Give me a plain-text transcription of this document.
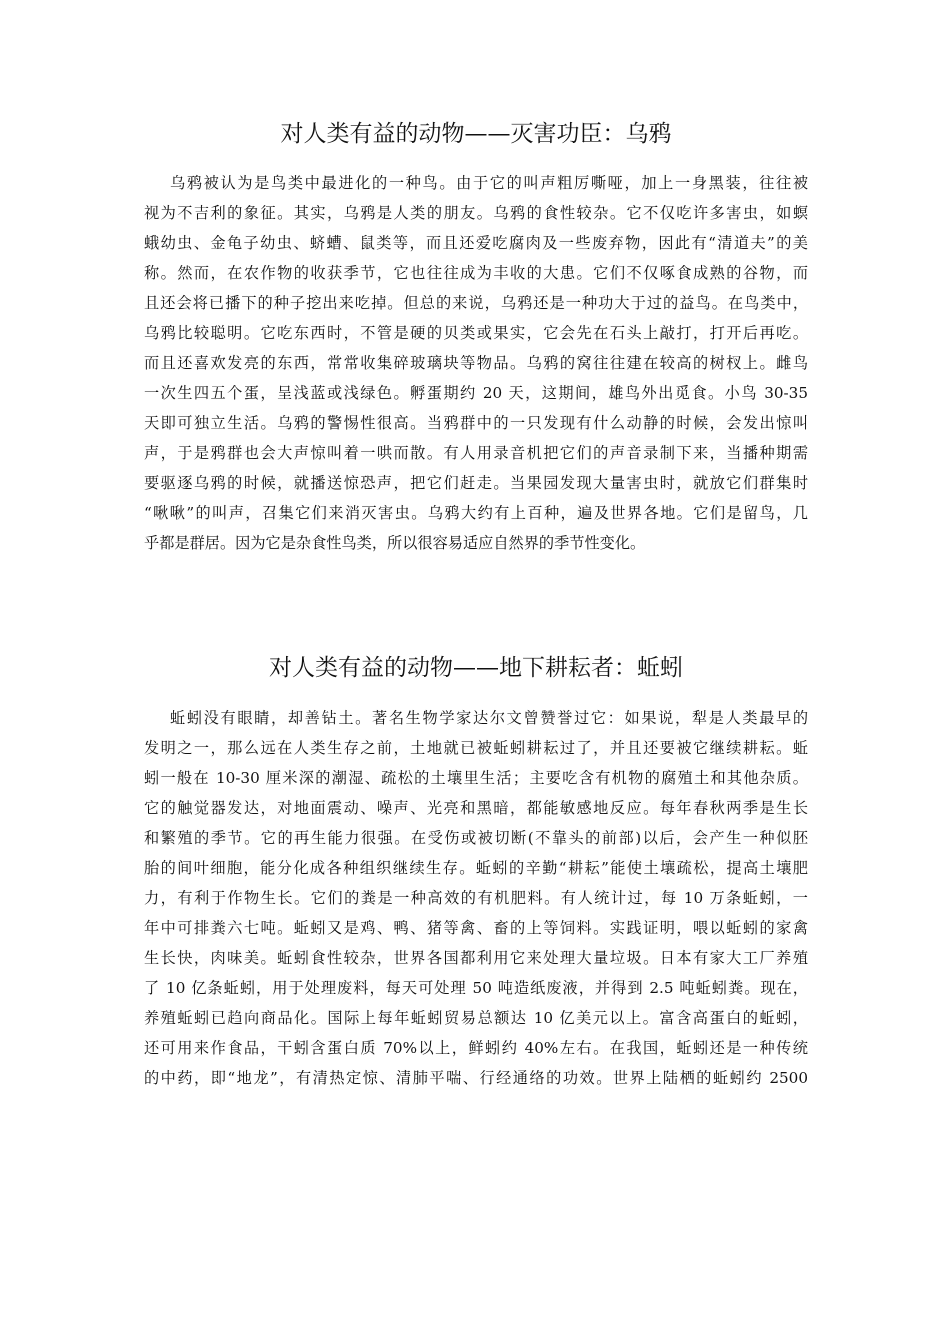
对人类有益的动物——灭害功臣：乌鸦
乌鸦被认为是鸟类中最进化的一种鸟。由于它的叫声粗厉嘶哑，加上一身黑装，往往被
视为不吉利的象征。其实，乌鸦是人类的朋友。乌鸦的食性较杂。它不仅吃许多害虫，如螟
蛾幼虫、金龟子幼虫、蛴螬、鼠类等，而且还爱吃腐肉及一些废弃物，因此有“清道夫”的美
称。然而，在农作物的收获季节，它也往往成为丰收的大患。它们不仅啄食成熟的谷物，而
且还会将已播下的种子挖出来吃掉。但总的来说，乌鸦还是一种功大于过的益鸟。在鸟类中，
乌鸦比较聪明。它吃东西时，不管是硬的贝类或果实，它会先在石头上敲打，打开后再吃。
而且还喜欢发亮的东西，常常收集碎玻璃块等物品。乌鸦的窝往往建在较高的树杈上。雌鸟
一次生四五个蛋，呈浅蓝或浅绿色。孵蛋期约 20 天，这期间，雄鸟外出觅食。小鸟 30-35
天即可独立生活。乌鸦的警惕性很高。当鸦群中的一只发现有什么动静的时候，会发出惊叫
声，于是鸦群也会大声惊叫着一哄而散。有人用录音机把它们的声音录制下来，当播种期需
要驱逐乌鸦的时候，就播送惊恐声，把它们赶走。当果园发现大量害虫时，就放它们群集时
“啾啾”的叫声，召集它们来消灭害虫。乌鸦大约有上百种，遍及世界各地。它们是留鸟，几
乎都是群居。因为它是杂食性鸟类，所以很容易适应自然界的季节性变化。
对人类有益的动物——地下耕耘者：蚯蚓
蚯蚓没有眼睛，却善钻土。著名生物学家达尔文曾赞誉过它：如果说，犁是人类最早的
发明之一，那么远在人类生存之前，土地就已被蚯蚓耕耘过了，并且还要被它继续耕耘。蚯
蚓一般在 10-30 厘米深的潮湿、疏松的土壤里生活；主要吃含有机物的腐殖土和其他杂质。
它的触觉器发达，对地面震动、噪声、光亮和黑暗，都能敏感地反应。每年春秋两季是生长
和繁殖的季节。它的再生能力很强。在受伤或被切断(不靠头的前部)以后，会产生一种似胚
胎的间叶细胞，能分化成各种组织继续生存。蚯蚓的辛勤“耕耘”能使土壤疏松，提高土壤肥
力，有利于作物生长。它们的粪是一种高效的有机肥料。有人统计过，每 10 万条蚯蚓，一
年中可排粪六七吨。蚯蚓又是鸡、鸭、猪等禽、畜的上等饲料。实践证明，喂以蚯蚓的家禽
生长快，肉味美。蚯蚓食性较杂，世界各国都利用它来处理大量垃圾。日本有家大工厂养殖
了 10 亿条蚯蚓，用于处理废料，每天可处理 50 吨造纸废液，并得到 2.5 吨蚯蚓粪。现在，
养殖蚯蚓已趋向商品化。国际上每年蚯蚓贸易总额达 10 亿美元以上。富含高蛋白的蚯蚓，
还可用来作食品，干蚓含蛋白质 70%以上，鲜蚓约 40%左右。在我国，蚯蚓还是一种传统
的中药，即“地龙”，有清热定惊、清肺平喘、行经通络的功效。世界上陆栖的蚯蚓约 2500
